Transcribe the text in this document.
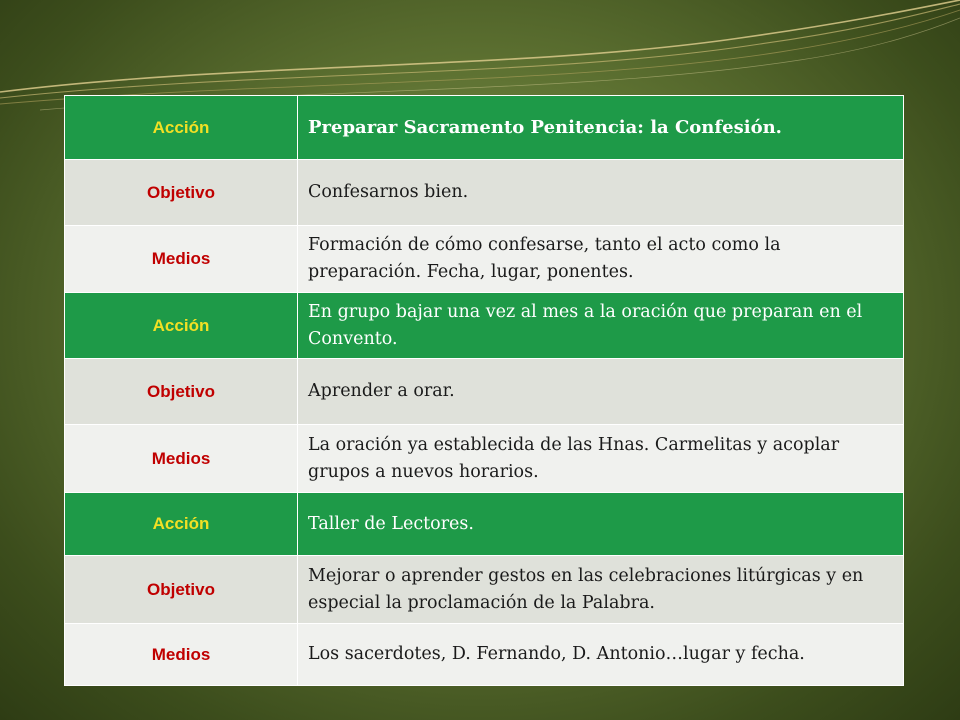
Acción	Preparar Sacramento Penitencia: la Confesión.
Objetivo	Confesarnos bien.
Medios	Formación de cómo confesarse, tanto el acto como la preparación. Fecha, lugar, ponentes.
Acción	En grupo bajar una vez al mes a la oración que preparan en el Convento.
Objetivo	Aprender a orar.
Medios	La oración ya establecida de las Hnas. Carmelitas y acoplar grupos a nuevos horarios.
Acción	Taller de Lectores.
Objetivo	Mejorar o aprender gestos en las celebraciones litúrgicas y en especial la proclamación de la Palabra.
Medios	Los sacerdotes, D. Fernando, D. Antonio…lugar y fecha.
